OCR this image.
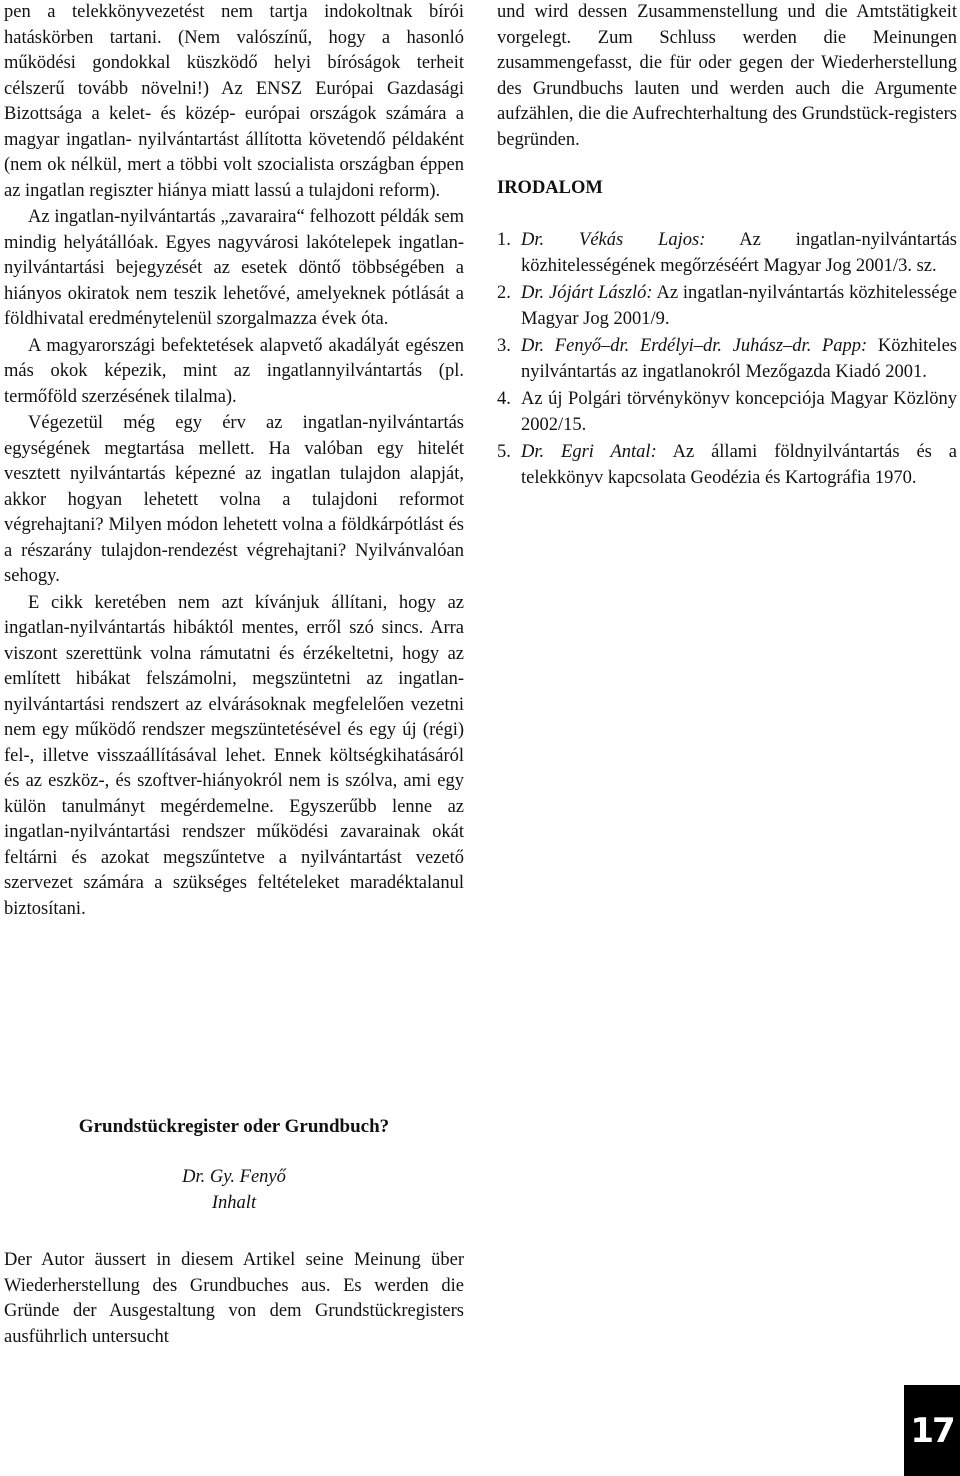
pen a telekkönyvezetést nem tartja indokoltnak bírói hatáskörben tartani. (Nem valószínű, hogy a hasonló működési gondokkal küszködő helyi bíróságok terheit célszerű tovább növelni!) Az ENSZ Európai Gazdasági Bizottsága a kelet- és közép- európai országok számára a magyar ingatlan- nyilvántartást állította követendő példaként (nem ok nélkül, mert a többi volt szocialista országban éppen az ingatlan regiszter hiánya miatt lassú a tulajdoni reform).

Az ingatlan-nyilvántartás „zavaraira“ felhozott példák sem mindig helyátállóak. Egyes nagyvárosi lakótelepek ingatlan-nyilvántartási bejegyzését az esetek döntő többségében a hiányos okiratok nem teszik lehetővé, amelyeknek pótlását a földhivatal eredménytelenül szorgalmazza évek óta.

A magyarországi befektetések alapvető akadályát egészen más okok képezik, mint az ingatlannyilvántartás (pl. termőföld szerzésének tilalma).

Végezetül még egy érv az ingatlan-nyilvántartás egységének megtartása mellett. Ha valóban egy hitelét vesztett nyilvántartás képezné az ingatlan tulajdon alapját, akkor hogyan lehetett volna a tulajdoni reformot végrehajtani? Milyen módon lehetett volna a földkárpótlást és a részarány tulajdon-rendezést végrehajtani? Nyilvánvalóan sehogy.

E cikk keretében nem azt kívánjuk állítani, hogy az ingatlan-nyilvántartás hibáktól mentes, erről szó sincs. Arra viszont szerettünk volna rámutatni és érzékeltetni, hogy az említett hibákat felszámolni, megszüntetni az ingatlan-nyilvántartási rendszert az elvárásoknak megfelelően vezetni nem egy működő rendszer megszüntetésével és egy új (régi) fel-, illetve visszaállításával lehet. Ennek költségkihatásáról és az eszköz-, és szoftver-hiányokról nem is szólva, ami egy külön tanulmányt megérdemelne. Egyszerűbb lenne az ingatlan-nyilvántartási rendszer működési zavarainak okát feltárni és azokat megszűntetve a nyilvántartást vezető szervezet számára a szükséges feltételeket maradéktalanul biztosítani.

und wird dessen Zusammenstellung und die Amtstätigkeit vorgelegt. Zum Schluss werden die Meinungen zusammengefasst, die für oder gegen der Wiederherstellung des Grundbuchs lauten und werden auch die Argumente aufzählen, die die Aufrechterhaltung des Grundstück-registers begründen.

IRODALOM
1. Dr. Vékás Lajos: Az ingatlan-nyilvántartás közhitelességének megőrzéséért Magyar Jog 2001/3. sz.
2. Dr. Jójárt László: Az ingatlan-nyilvántartás közhitelessége Magyar Jog 2001/9.
3. Dr. Fenyő–dr. Erdélyi–dr. Juhász–dr. Papp: Közhiteles nyilvántartás az ingatlanokról Mezőgazda Kiadó 2001.
4. Az új Polgári törvénykönyv koncepciója Magyar Közlöny 2002/15.
5. Dr. Egri Antal: Az állami földnyilvántartás és a telekkönyv kapcsolata Geodézia és Kartográfia 1970.

Grundstückregister oder Grundbuch?

Dr. Gy. Fenyő

Inhalt

Der Autor äussert in diesem Artikel seine Meinung über Wiederherstellung des Grundbuches aus. Es werden die Gründe der Ausgestaltung von dem Grundstückregisters ausführlich untersucht

17
